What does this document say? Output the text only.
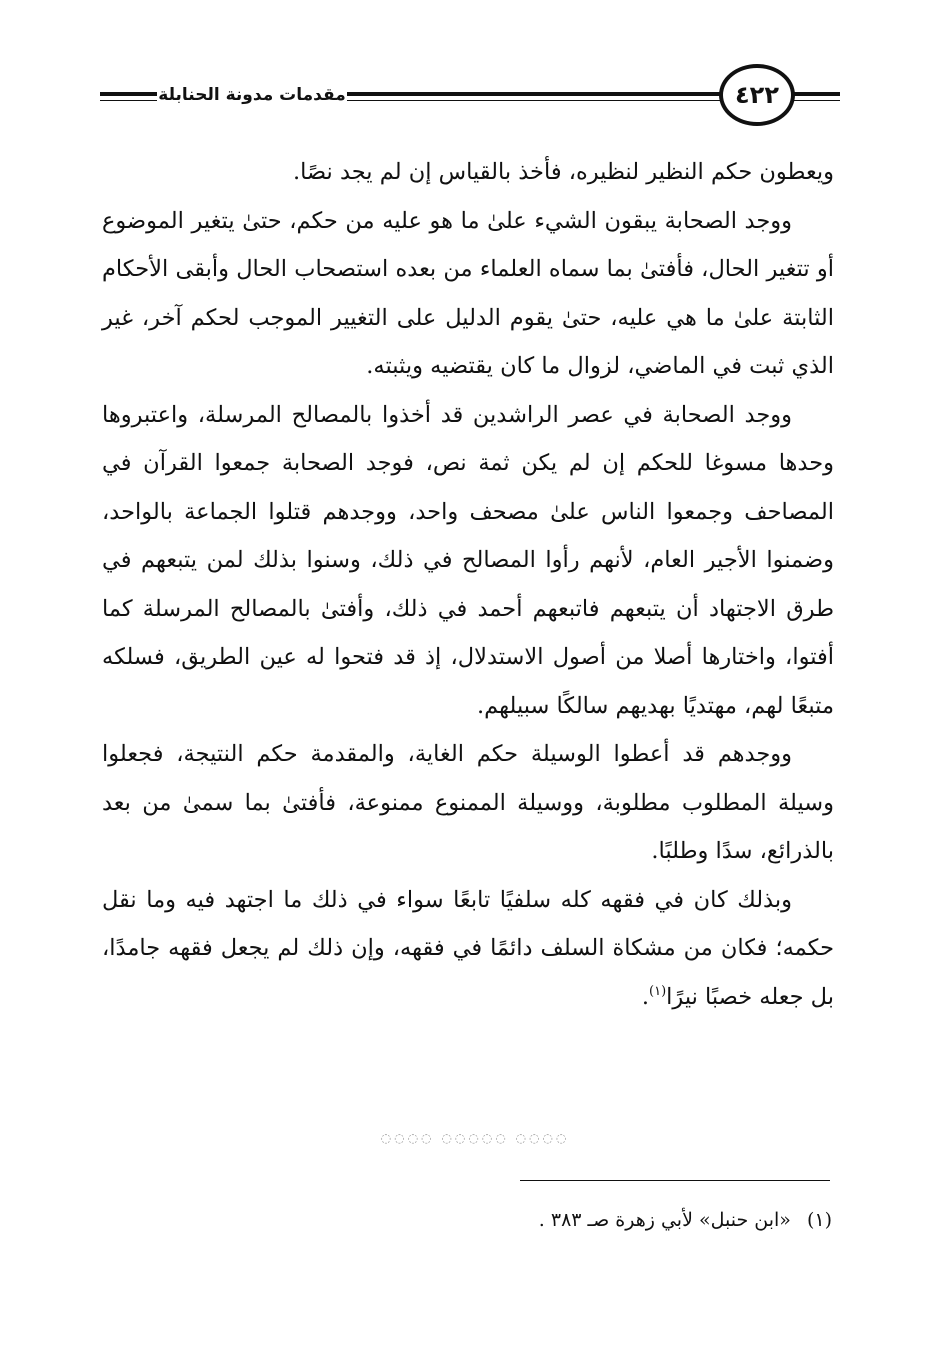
مقدمات مدونة الحنابلة	٤٢٢

ويعطون حكم النظير لنظيره، فأخذ بالقياس إن لم يجد نصًا.

ووجد الصحابة يبقون الشيء علىٰ ما هو عليه من حكم، حتىٰ يتغير الموضوع أو تتغير الحال، فأفتىٰ بما سماه العلماء من بعده استصحاب الحال وأبقى الأحكام الثابتة علىٰ ما هي عليه، حتىٰ يقوم الدليل على التغيير الموجب لحكم آخر، غير الذي ثبت في الماضي، لزوال ما كان يقتضيه ويثبته.

ووجد الصحابة في عصر الراشدين قد أخذوا بالمصالح المرسلة، واعتبروها وحدها مسوغا للحكم إن لم يكن ثمة نص، فوجد الصحابة جمعوا القرآن في المصاحف وجمعوا الناس علىٰ مصحف واحد، ووجدهم قتلوا الجماعة بالواحد، وضمنوا الأجير العام، لأنهم رأوا المصالح في ذلك، وسنوا بذلك لمن يتبعهم في طرق الاجتهاد أن يتبعهم فاتبعهم أحمد في ذلك، وأفتىٰ بالمصالح المرسلة كما أفتوا، واختارها أصلا من أصول الاستدلال، إذ قد فتحوا له عين الطريق، فسلكه متبعًا لهم، مهتديًا بهديهم سالكًا سبيلهم.

ووجدهم قد أعطوا الوسيلة حكم الغاية، والمقدمة حكم النتيجة، فجعلوا وسيلة المطلوب مطلوبة، ووسيلة الممنوع ممنوعة، فأفتىٰ بما سمىٰ من بعد بالذرائع، سدًا وطلبًا.

وبذلك كان في فقهه كله سلفيًا تابعًا سواء في ذلك ما اجتهد فيه وما نقل حكمه؛ فكان من مشكاة السلف دائمًا في فقهه، وإن ذلك لم يجعل فقهه جامدًا، بل جعله خصبًا نيرًا$^{(١)}$.

◌◌◌◌ ◌◌◌◌◌ ◌◌◌◌
(١) «ابن حنبل» لأبي زهرة صـ ٣٨٣ .
